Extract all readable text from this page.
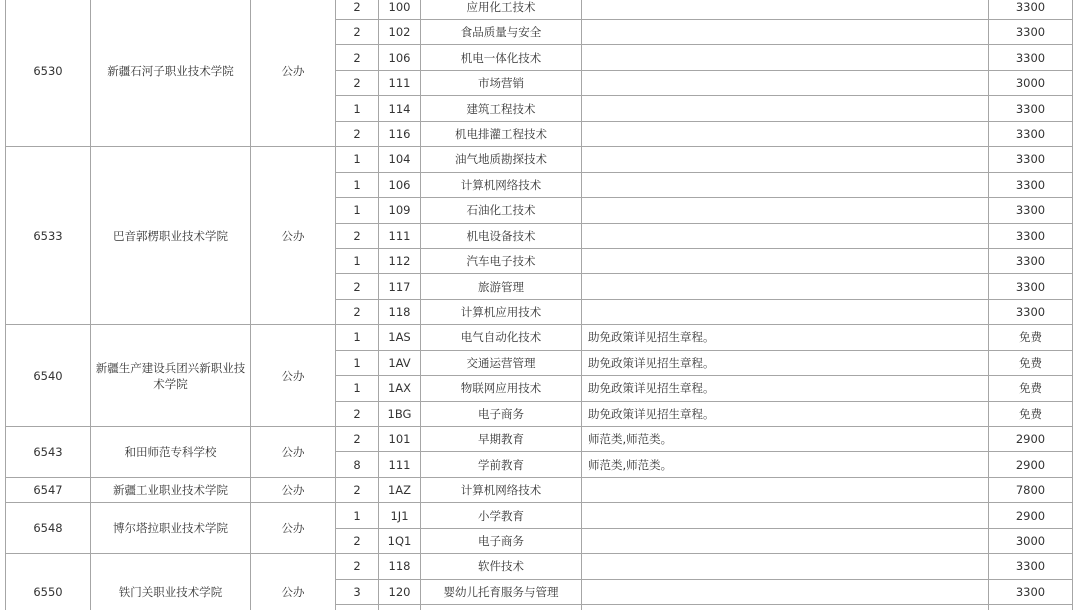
6530	新疆石河子职业技术学院	公办	2	100	应用化工技术		3300
			2	102	食品质量与安全		3300
			2	106	机电一体化技术		3300
			2	111	市场营销		3000
			1	114	建筑工程技术		3300
			2	116	机电排灌工程技术		3300
6533	巴音郭楞职业技术学院	公办	1	104	油气地质勘探技术		3300
			1	106	计算机网络技术		3300
			1	109	石油化工技术		3300
			2	111	机电设备技术		3300
			1	112	汽车电子技术		3300
			2	117	旅游管理		3300
			2	118	计算机应用技术		3300
6540	新疆生产建设兵团兴新职业技术学院	公办	1	1AS	电气自动化技术	助免政策详见招生章程。	免费
			1	1AV	交通运营管理	助免政策详见招生章程。	免费
			1	1AX	物联网应用技术	助免政策详见招生章程。	免费
			2	1BG	电子商务	助免政策详见招生章程。	免费
6543	和田师范专科学校	公办	2	101	早期教育	师范类,师范类。	2900
			8	111	学前教育	师范类,师范类。	2900
6547	新疆工业职业技术学院	公办	2	1AZ	计算机网络技术		7800
6548	博尔塔拉职业技术学院	公办	1	1J1	小学教育		2900
			2	1Q1	电子商务		3000
6550	铁门关职业技术学院	公办	2	118	软件技术		3300
			3	120	婴幼儿托育服务与管理		3300
